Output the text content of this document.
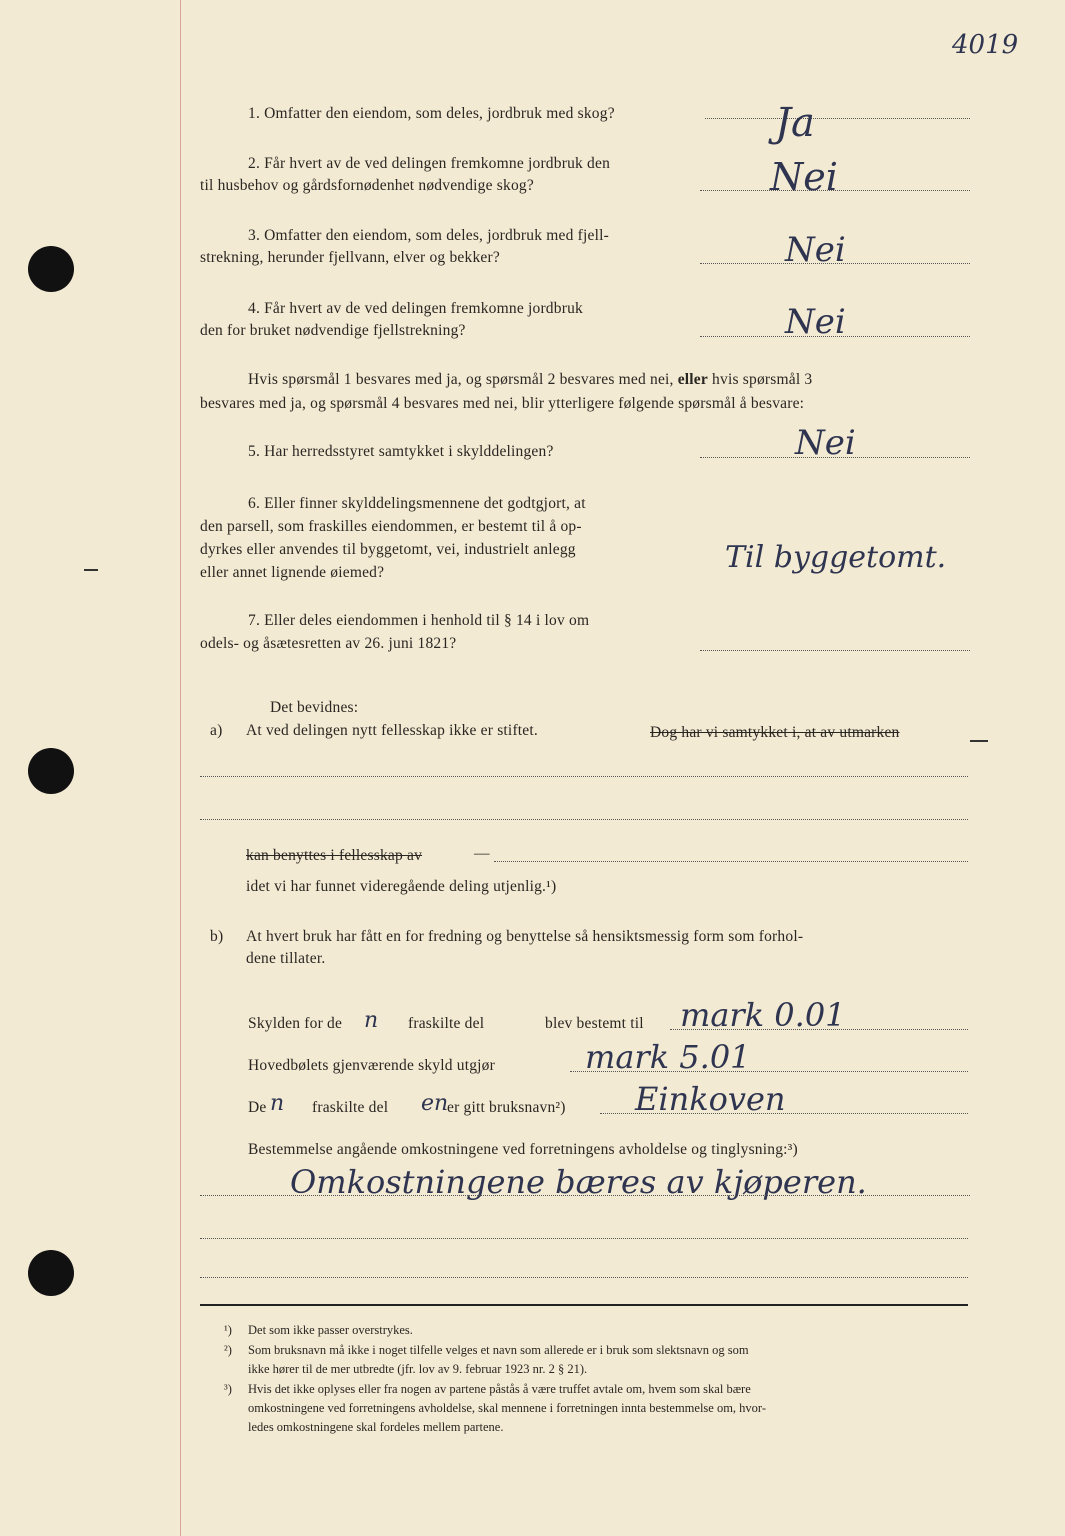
4019
1. Omfatter den eiendom, som deles, jordbruk med skog?	Ja
2. Får hvert av de ved delingen fremkomne jordbruk den
til husbehov og gårdsfornødenhet nødvendige skog?	Nei
3. Omfatter den eiendom, som deles, jordbruk med fjell-
strekning, herunder fjellvann, elver og bekker?	Nei
4. Får hvert av de ved delingen fremkomne jordbruk
den for bruket nødvendige fjellstrekning?	Nei
Hvis spørsmål 1 besvares med ja, og spørsmål 2 besvares med nei, eller hvis spørsmål 3
besvares med ja, og spørsmål 4 besvares med nei, blir ytterligere følgende spørsmål å besvare:
5. Har herredsstyret samtykket i skylddelingen?	Nei
6. Eller finner skylddelingsmennene det godtgjort, at
den parsell, som fraskilles eiendommen, er bestemt til å op-
dyrkes eller anvendes til byggetomt, vei, industrielt anlegg
eller annet lignende øiemed?	Til byggetomt.
7. Eller deles eiendommen i henhold til § 14 i lov om
odels- og åsætesretten av 26. juni 1821?
Det bevidnes:
a) At ved delingen nytt fellesskap ikke er stiftet.	Dog har vi samtykket i, at av utmarken
kan benyttes i fellesskap av	—
idet vi har funnet videregående deling utjenlig.¹)
b) At hvert bruk har fått en for fredning og benyttelse så hensiktsmessig form som forhol-
dene tillater.
Skylden for de n fraskilte del	blev bestemt til mark 0.01
Hovedbølets gjenværende skyld utgjør	mark 5.01
De n fraskilte del en
er gitt bruksnavn²) Einkoven
Bestemmelse angående omkostningene ved forretningens avholdelse og tinglysning:³)
Omkostningene bæres av kjøperen.
¹) Det som ikke passer overstrykes.
²) Som bruksnavn må ikke i noget tilfelle velges et navn som allerede er i bruk som slektsnavn og som
ikke hører til de mer utbredte (jfr. lov av 9. februar 1923 nr. 2 § 21).
³) Hvis det ikke oplyses eller fra nogen av partene påstås å være truffet avtale om, hvem som skal bære
omkostningene ved forretningens avholdelse, skal mennene i forretningen innta bestemmelse om, hvor-
ledes omkostningene skal fordeles mellem partene.
